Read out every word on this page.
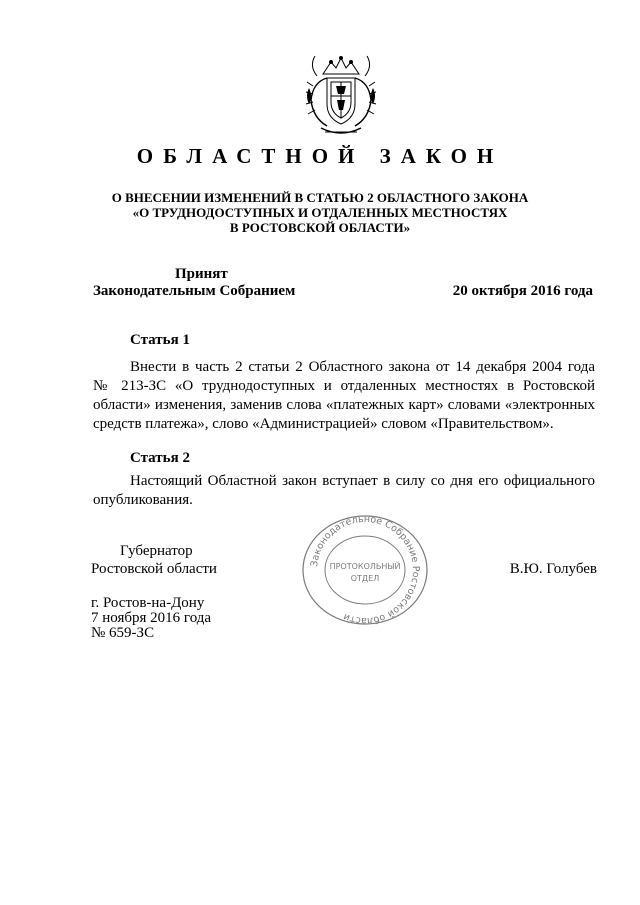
ОБЛАСТНОЙ ЗАКОН
О ВНЕСЕНИИ ИЗМЕНЕНИЙ В СТАТЬЮ 2 ОБЛАСТНОГО ЗАКОНА
«О ТРУДНОДОСТУПНЫХ И ОТДАЛЕННЫХ МЕСТНОСТЯХ
В РОСТОВСКОЙ ОБЛАСТИ»
Принят
Законодательным Собранием	20 октября 2016 года
Статья 1
Внести в часть 2 статьи 2 Областного закона от 14 декабря 2004 года
№ 213-ЗС «О труднодоступных и отдаленных местностях в Ростовской
области» изменения, заменив слова «платежных карт» словами «электронных
средств платежа», слово «Администрацией» словом «Правительством».
Статья 2
Настоящий Областной закон вступает в силу со дня его официального
опубликования.
Законодательное Собрание Ростовской области
ПРОТОКОЛЬНЫЙ
ОТДЕЛ
Губернатор
Ростовской области	В.Ю. Голубев
г. Ростов-на-Дону
7 ноября 2016 года
№ 659-ЗС
